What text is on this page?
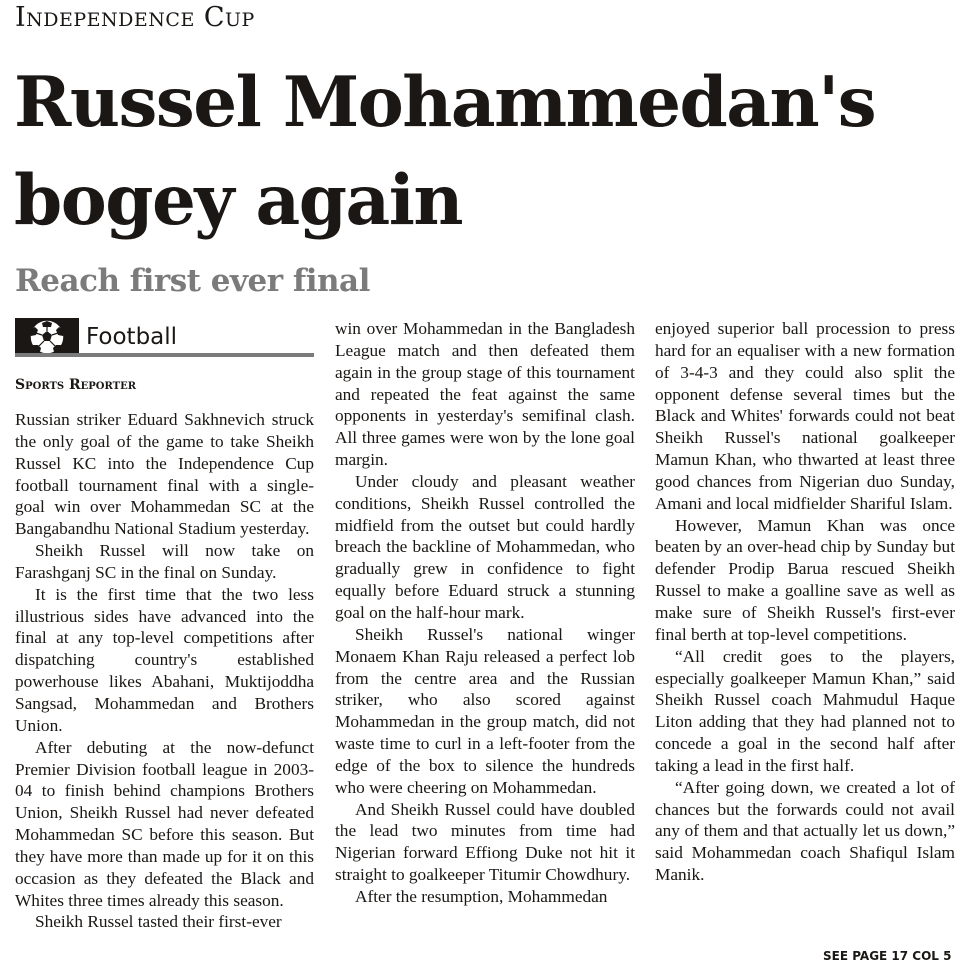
Independence Cup
Russel Mohammedan's
bogey again
Reach first ever final
Football
Sports Reporter

Russian striker Eduard Sakhnevich struck the only goal of the game to take Sheikh Russel KC into the Independence Cup football tournament final with a single-goal win over Mohammedan SC at the Bangabandhu National Stadium yesterday.

Sheikh Russel will now take on Farashganj SC in the final on Sunday.

It is the first time that the two less illustrious sides have advanced into the final at any top-level competitions after dispatching country's established powerhouse likes Abahani, Muktijoddha Sangsad, Mohammedan and Brothers Union.

After debuting at the now-defunct Premier Division football league in 2003-04 to finish behind champions Brothers Union, Sheikh Russel had never defeated Mohammedan SC before this season. But they have more than made up for it on this occasion as they defeated the Black and Whites three times already this season.

Sheikh Russel tasted their first-ever

win over Mohammedan in the Bangladesh League match and then defeated them again in the group stage of this tournament and repeated the feat against the same opponents in yesterday's semifinal clash. All three games were won by the lone goal margin.

Under cloudy and pleasant weather conditions, Sheikh Russel controlled the midfield from the outset but could hardly breach the backline of Mohammedan, who gradually grew in confidence to fight equally before Eduard struck a stunning goal on the half-hour mark.

Sheikh Russel's national winger Monaem Khan Raju released a perfect lob from the centre area and the Russian striker, who also scored against Mohammedan in the group match, did not waste time to curl in a left-footer from the edge of the box to silence the hundreds who were cheering on Mohammedan.

And Sheikh Russel could have doubled the lead two minutes from time had Nigerian forward Effiong Duke not hit it straight to goalkeeper Titumir Chowdhury.

After the resumption, Mohammedan

enjoyed superior ball procession to press hard for an equaliser with a new formation of 3-4-3 and they could also split the opponent defense several times but the Black and Whites' forwards could not beat Sheikh Russel's national goalkeeper Mamun Khan, who thwarted at least three good chances from Nigerian duo Sunday, Amani and local midfielder Shariful Islam.

However, Mamun Khan was once beaten by an over-head chip by Sunday but defender Prodip Barua rescued Sheikh Russel to make a goalline save as well as make sure of Sheikh Russel's first-ever final berth at top-level competitions.

“All credit goes to the players, especially goalkeeper Mamun Khan,” said Sheikh Russel coach Mahmudul Haque Liton adding that they had planned not to concede a goal in the second half after taking a lead in the first half.

“After going down, we created a lot of chances but the forwards could not avail any of them and that actually let us down,” said Mohammedan coach Shafiqul Islam Manik.

SEE PAGE 17 COL 5
